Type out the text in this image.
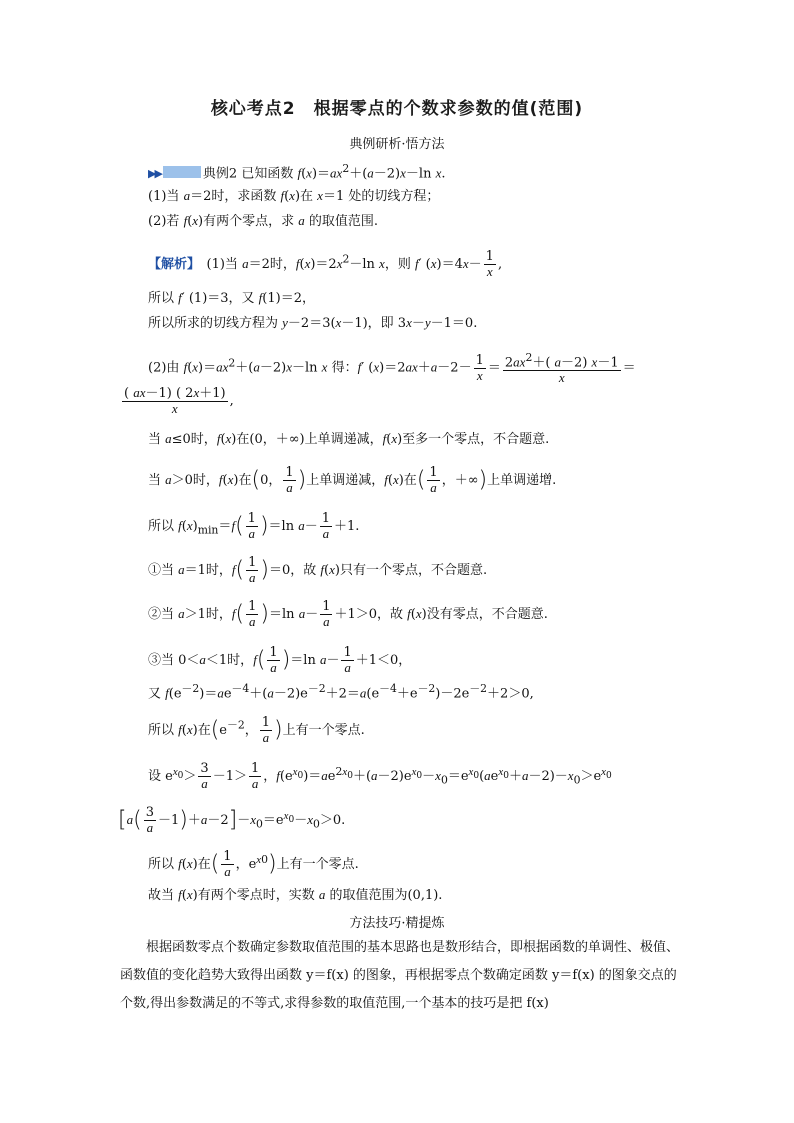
核心考点2　根据零点的个数求参数的值(范围)
典例研析·悟方法
▶▶	典例2 已知函数 $f(x)=ax^2+(a-2)x-\ln$ x.
(1)当 a＝2时，求函数 f(x)在 x＝1 处的切线方程；
(2)若 f(x)有两个零点，求 a 的取值范围.
【解析】　(1)当 a＝2时，$f(x)=2x^2-\ln$ x，则 f′ $(x)=4x- \frac{1}{x}$ ,
所以 f′ (1)＝3，又 f(1)＝2，
所以所求的切线方程为 y－2＝3(x－1)，即 3x－y－1＝0.
(2)由 $f(x)=ax^2+(a-2)x-\ln$ x 得：f′ $(x)=2ax+a-2- \frac{1}{x} = \frac{2ax^2+( a-2) x-1}{x}$ ＝
$\frac{( ax-1) ( 2x+1)}{x}$ ,
当 a≤0时，f(x)在(0，＋∞)上单调递减，f(x)至多一个零点，不合题意.
当 a＞0时，f(x)在(0， $\frac{1}{a}$ )上单调递减，f(x)在( $\frac{1}{a}$ ，＋∞)上单调递增.
所以 $f(x)_{min}=f( \frac{1}{a} )=\ln$ $a- \frac{1}{a} +1$.
①当 a＝1时，$f( \frac{1}{a} )=0$，故 f(x)只有一个零点，不合题意.
②当 a＞1时，$f( \frac{1}{a} )=\ln$ $a- \frac{1}{a} +1>0$，故 f(x)没有零点，不合题意.
③当 0＜a＜1时，$f( \frac{1}{a} )=\ln$ $a- \frac{1}{a} +1<0$，
又 $f(e^{-2})=ae^{-4}+(a-2)e^{-2}+2=a(e^{-4}+e^{-2})-2e^{-2}+2>0$,
所以 f(x)在($e^{-2}$， $\frac{1}{a}$ )上有一个零点.
设 $e^{x_0}> \frac{3}{a} -1> \frac{1}{a}$ ，$f(e^{x_0})=ae^{2x_0}+(a-2)e^{x_0}-x_0=e^{x_0}(ae^{x_0}+a-2)-x_0>e^{x_0}$
$[a( \frac{3}{a} -1)+a-2]-x_0=e^{x_0}-x_0>0$.
所以 f(x)在( $\frac{1}{a}$ ，$e^{x0}$)上有一个零点.
故当 f(x)有两个零点时，实数 a 的取值范围为(0,1).
方法技巧·精提炼
根据函数零点个数确定参数取值范围的基本思路也是数形结合，即根据函数的单调性、极值、函数值的变化趋势大致得出函数 y＝f(x) 的图象，再根据零点个数确定函数 y＝f(x) 的图象交点的个数,得出参数满足的不等式,求得参数的取值范围,一个基本的技巧是把 f(x)
